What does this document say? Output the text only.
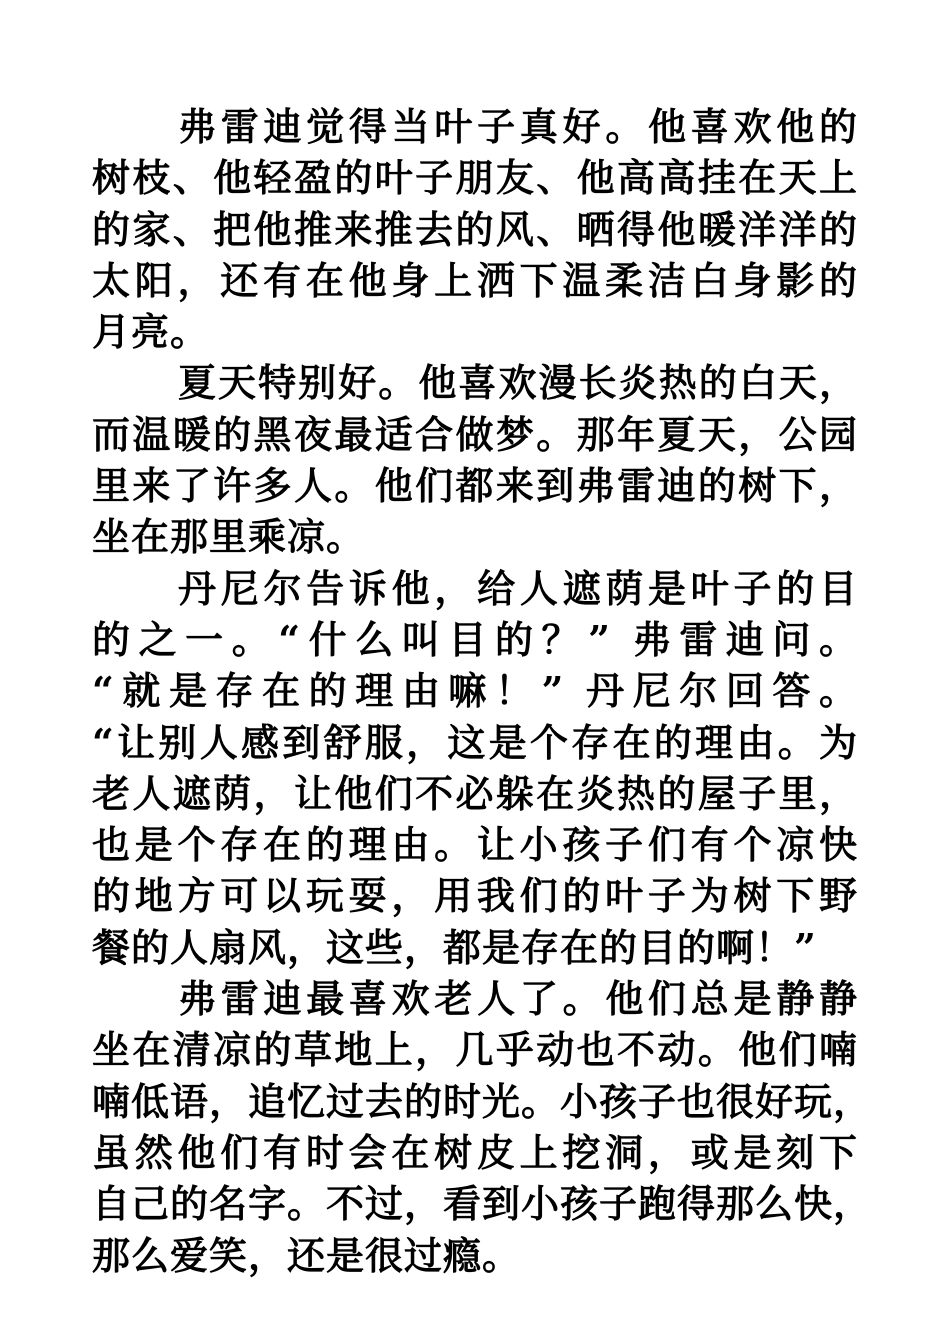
弗雷迪觉得当叶子真好。他喜欢他的
树枝、他轻盈的叶子朋友、他高高挂在天上
的家、把他推来推去的风、晒得他暖洋洋的
太阳，还有在他身上洒下温柔洁白身影的
月亮。
夏天特别好。他喜欢漫长炎热的白天，
而温暖的黑夜最适合做梦。那年夏天，公园
里来了许多人。他们都来到弗雷迪的树下，
坐在那里乘凉。
丹尼尔告诉他，给人遮荫是叶子的目
的之一。“什么叫目的？” 弗雷迪问。
“就是存在的理由嘛！” 丹尼尔回答。
“让别人感到舒服，这是个存在的理由。为
老人遮荫，让他们不必躲在炎热的屋子里，
也是个存在的理由。让小孩子们有个凉快
的地方可以玩耍，用我们的叶子为树下野
餐的人扇风，这些，都是存在的目的啊！”
弗雷迪最喜欢老人了。他们总是静静
坐在清凉的草地上，几乎动也不动。他们喃
喃低语，追忆过去的时光。小孩子也很好玩，
虽然他们有时会在树皮上挖洞，或是刻下
自己的名字。不过，看到小孩子跑得那么快，
那么爱笑，还是很过瘾。
